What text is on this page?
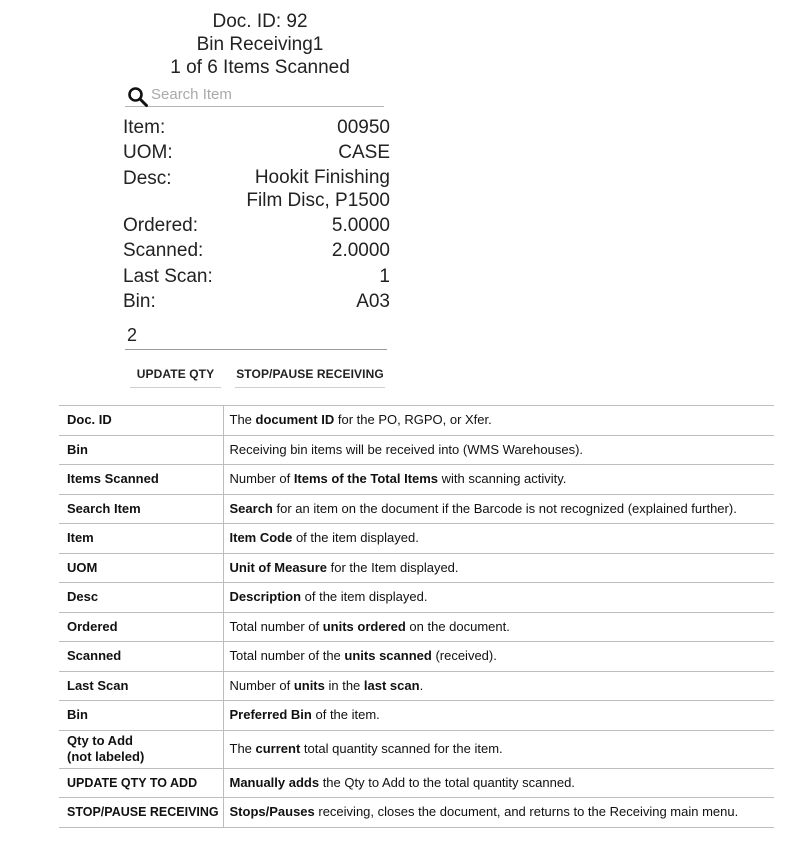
Doc. ID: 92
Bin Receiving1
1 of 6 Items Scanned
Search Item
Item:	00950
UOM:	CASE
Desc:	Hookit Finishing
Film Disc, P1500
Ordered:	5.0000
Scanned:	2.0000
Last Scan:	1
Bin:	A03
2
UPDATE QTY	STOP/PAUSE RECEIVING
Doc. ID	The document ID for the PO, RGPO, or Xfer.

Bin	Receiving bin items will be received into (WMS Warehouses).

Items Scanned	Number of Items of the Total Items with scanning activity.

Search Item	Search for an item on the document if the Barcode is not recognized (explained further).

Item	Item Code of the item displayed.

UOM	Unit of Measure for the Item displayed.

Desc	Description of the item displayed.

Ordered	Total number of units ordered on the document.

Scanned	Total number of the units scanned (received).

Last Scan	Number of units in the last scan.

Bin	Preferred Bin of the item.

Qty to Add
(not labeled)	The current total quantity scanned for the item.

UPDATE QTY TO ADD	Manually adds the Qty to Add to the total quantity scanned.

STOP/PAUSE RECEIVING	Stops/Pauses receiving, closes the document, and returns to the Receiving main menu.
